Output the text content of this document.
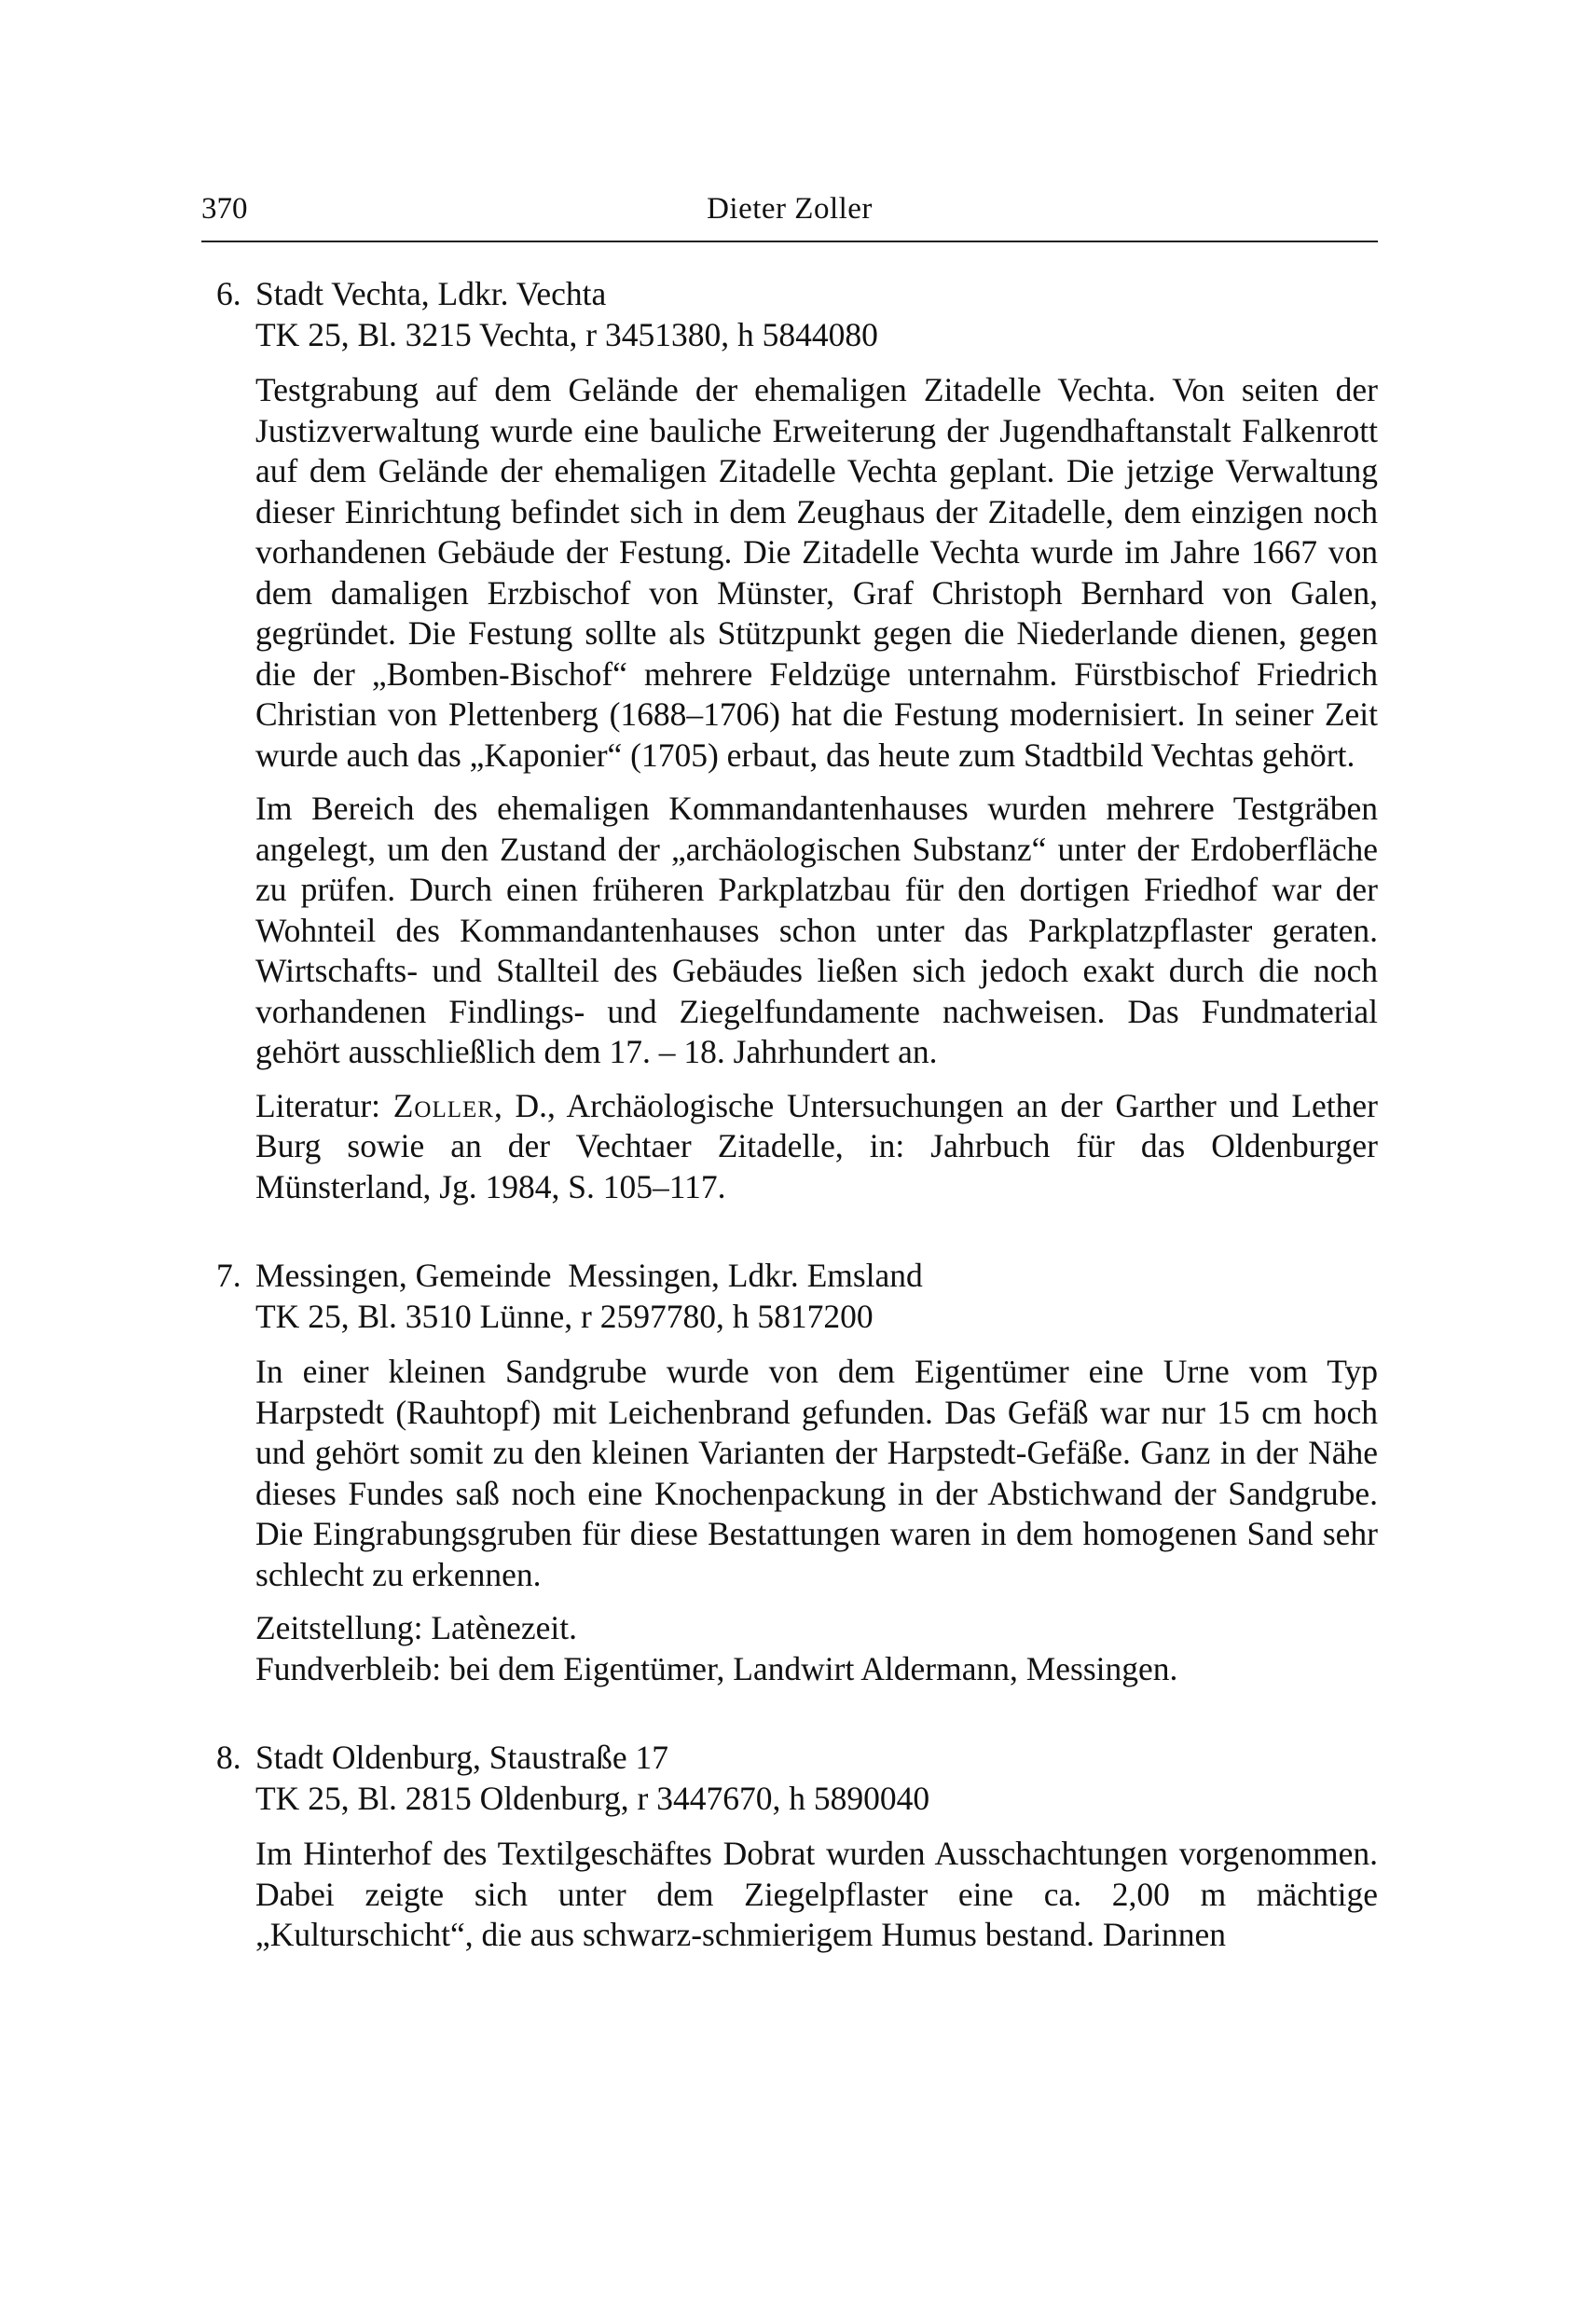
370	Dieter Zoller

6. Stadt Vechta, Ldkr. Vechta

TK 25, Bl. 3215 Vechta, r 3451380, h 5844080

Testgrabung auf dem Gelände der ehemaligen Zitadelle Vechta. Von seiten der Justizverwaltung wurde eine bauliche Erweiterung der Jugendhaftanstalt Falkenrott auf dem Gelände der ehemaligen Zitadelle Vechta geplant. Die jetzige Verwaltung dieser Einrichtung befindet sich in dem Zeughaus der Zitadelle, dem einzigen noch vorhandenen Gebäude der Festung. Die Zitadelle Vechta wurde im Jahre 1667 von dem damaligen Erzbischof von Münster, Graf Christoph Bernhard von Galen, gegründet. Die Festung sollte als Stützpunkt gegen die Niederlande dienen, gegen die der „Bomben-Bischof“ mehrere Feldzüge unternahm. Fürstbischof Friedrich Christian von Plettenberg (1688–1706) hat die Festung modernisiert. In seiner Zeit wurde auch das „Kaponier“ (1705) erbaut, das heute zum Stadtbild Vechtas gehört.

Im Bereich des ehemaligen Kommandantenhauses wurden mehrere Testgräben angelegt, um den Zustand der „archäologischen Substanz“ unter der Erdoberfläche zu prüfen. Durch einen früheren Parkplatzbau für den dortigen Friedhof war der Wohnteil des Kommandantenhauses schon unter das Parkplatzpflaster geraten. Wirtschafts- und Stallteil des Gebäudes ließen sich jedoch exakt durch die noch vorhandenen Findlings- und Ziegelfundamente nachweisen. Das Fundmaterial gehört ausschließlich dem 17. – 18. Jahrhundert an.

Literatur: Zoller, D., Archäologische Untersuchungen an der Garther und Lether Burg sowie an der Vechtaer Zitadelle, in: Jahrbuch für das Oldenburger Münsterland, Jg. 1984, S. 105–117.

7. Messingen, Gemeinde  Messingen, Ldkr. Emsland

TK 25, Bl. 3510 Lünne, r 2597780, h 5817200

In einer kleinen Sandgrube wurde von dem Eigentümer eine Urne vom Typ Harpstedt (Rauhtopf) mit Leichenbrand gefunden. Das Gefäß war nur 15 cm hoch und gehört somit zu den kleinen Varianten der Harpstedt-Gefäße. Ganz in der Nähe dieses Fundes saß noch eine Knochenpackung in der Abstichwand der Sandgrube. Die Eingrabungsgruben für diese Bestattungen waren in dem homogenen Sand sehr schlecht zu erkennen.

Zeitstellung: Latènezeit.

Fundverbleib: bei dem Eigentümer, Landwirt Aldermann, Messingen.

8. Stadt Oldenburg, Staustraße 17

TK 25, Bl. 2815 Oldenburg, r 3447670, h 5890040

Im Hinterhof des Textilgeschäftes Dobrat wurden Ausschachtungen vorgenommen. Dabei zeigte sich unter dem Ziegelpflaster eine ca. 2,00 m mächtige „Kulturschicht“, die aus schwarz-schmierigem Humus bestand. Darinnen
